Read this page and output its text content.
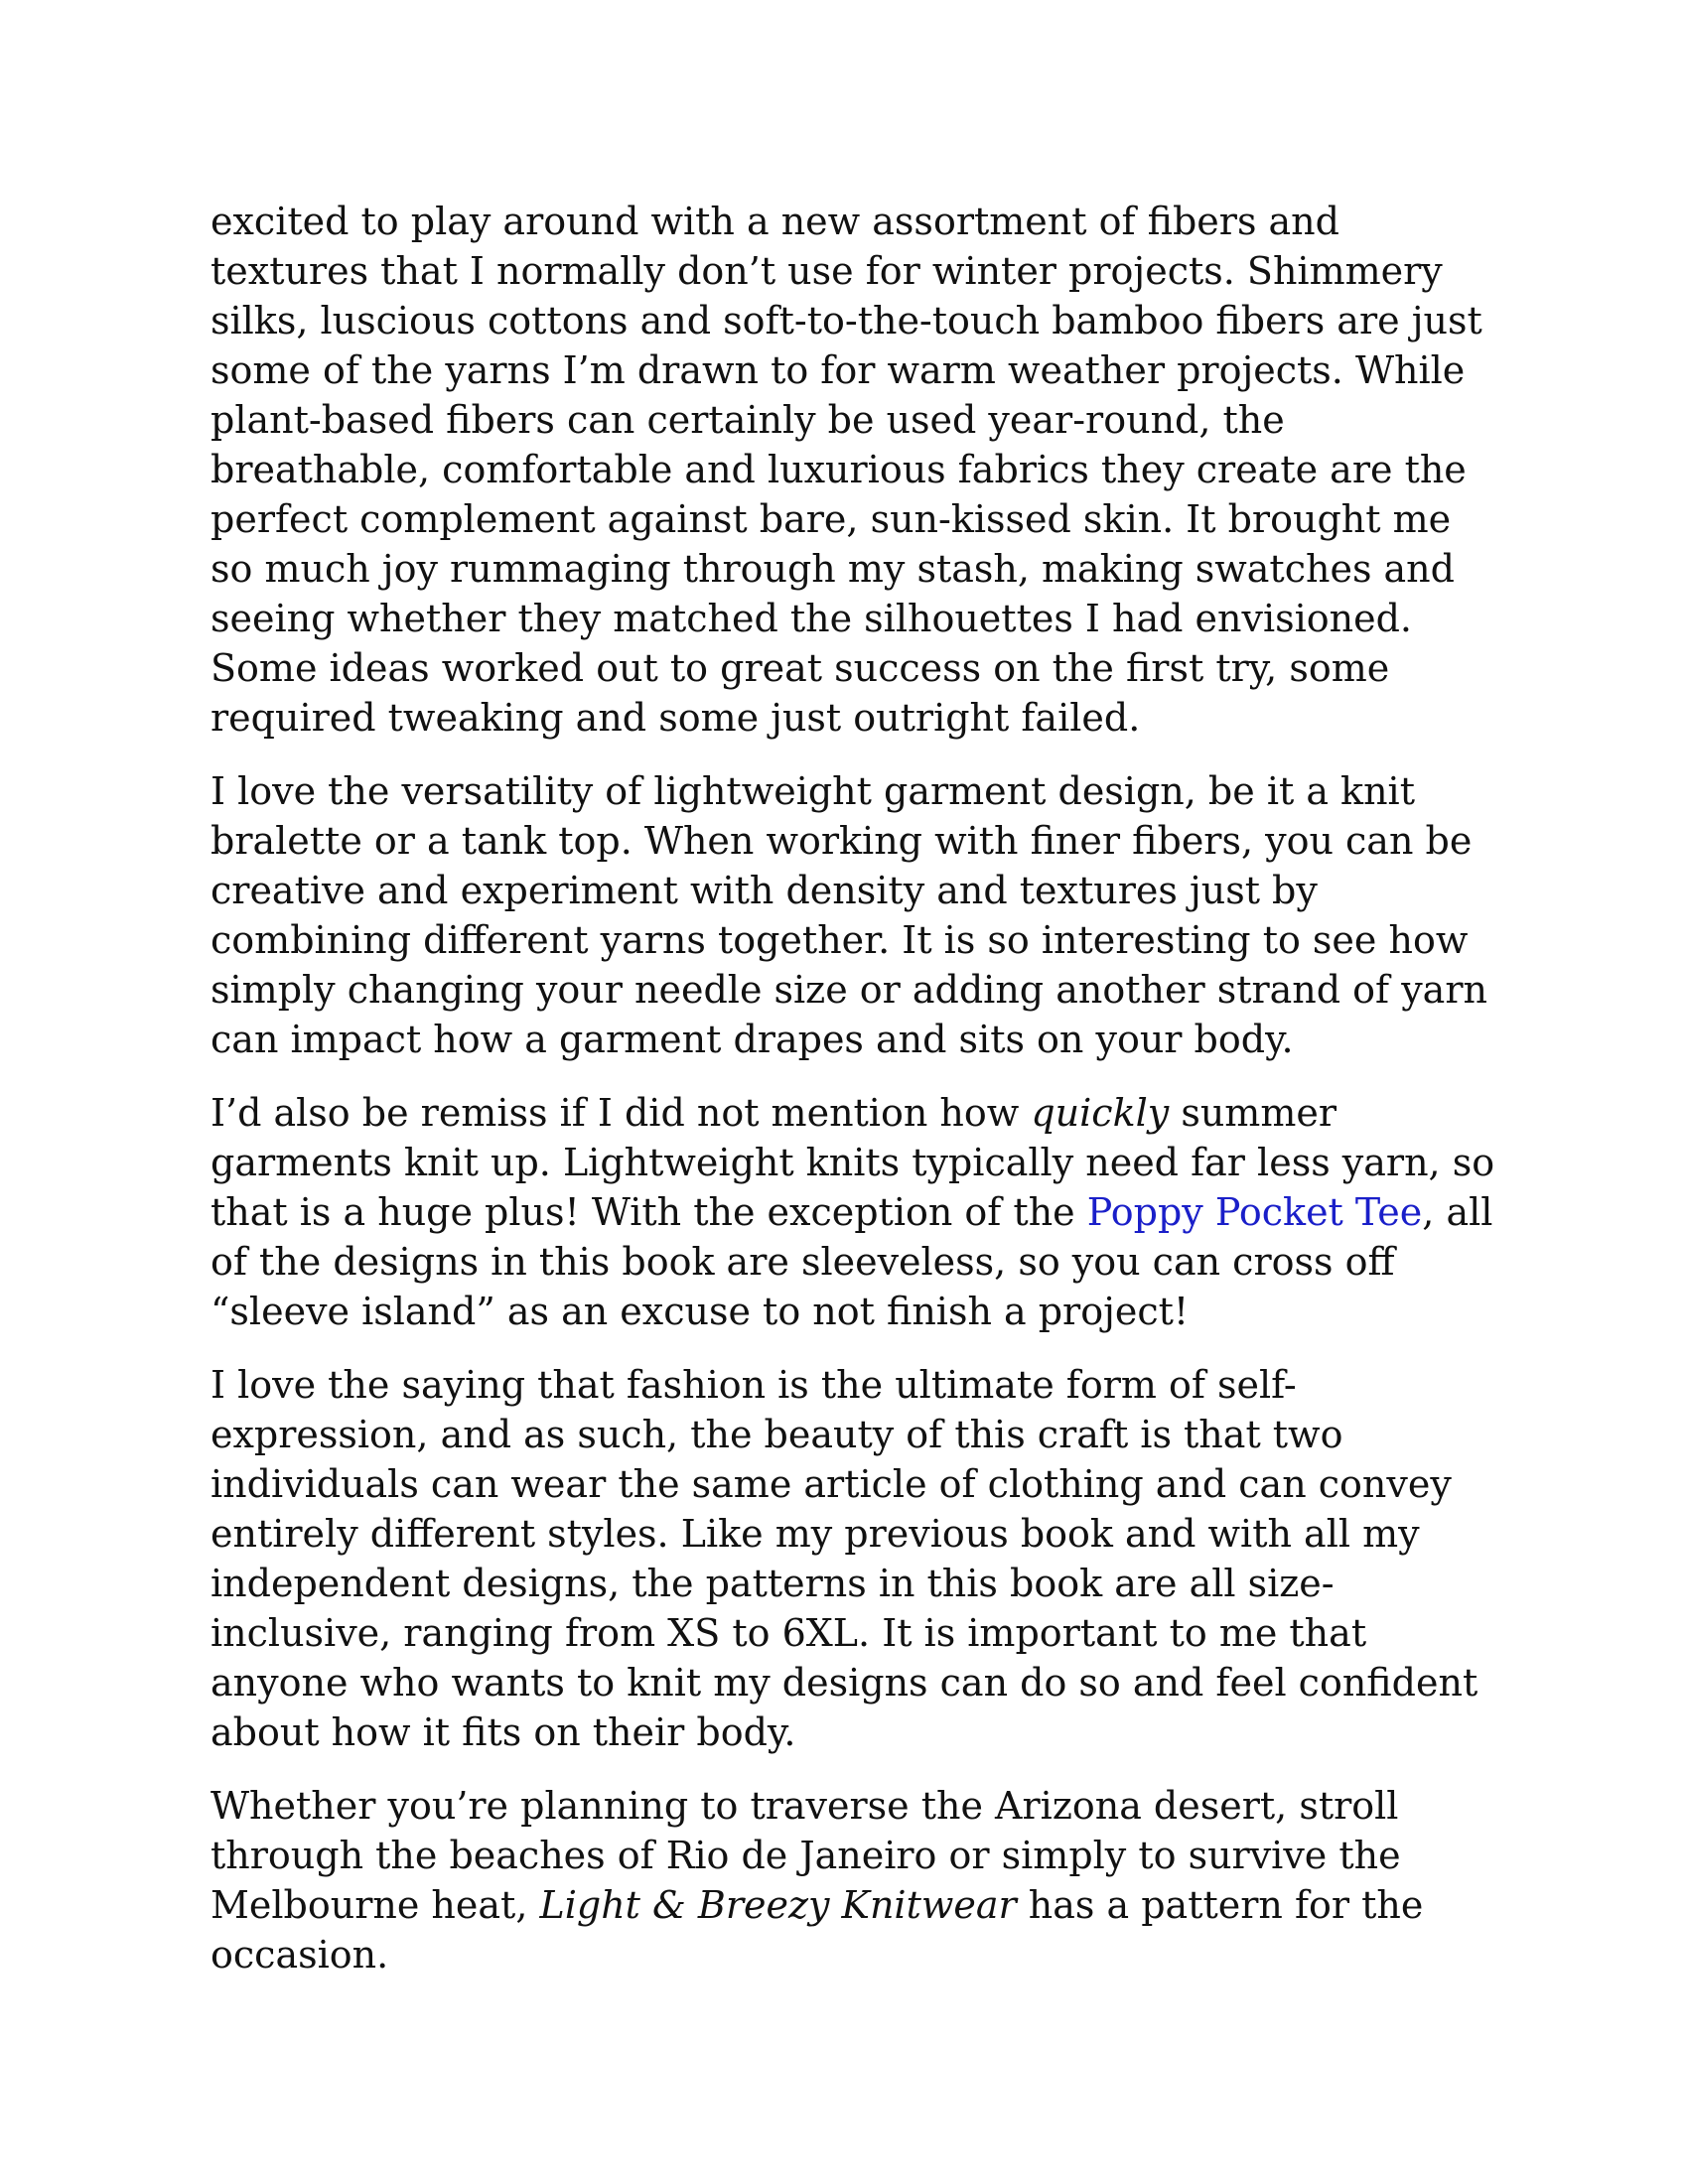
excited to play around with a new assortment of fibers and textures that I normally don’t use for winter projects. Shimmery silks, luscious cottons and soft-to-the-touch bamboo fibers are just some of the yarns I’m drawn to for warm weather projects. While plant-based fibers can certainly be used year-round, the breathable, comfortable and luxurious fabrics they create are the perfect complement against bare, sun-kissed skin. It brought me so much joy rummaging through my stash, making swatches and seeing whether they matched the silhouettes I had envisioned. Some ideas worked out to great success on the first try, some required tweaking and some just outright failed.

I love the versatility of lightweight garment design, be it a knit bralette or a tank top. When working with finer fibers, you can be creative and experiment with density and textures just by combining different yarns together. It is so interesting to see how simply changing your needle size or adding another strand of yarn can impact how a garment drapes and sits on your body.

I’d also be remiss if I did not mention how quickly summer garments knit up. Lightweight knits typically need far less yarn, so that is a huge plus! With the exception of the Poppy Pocket Tee, all of the designs in this book are sleeveless, so you can cross off “sleeve island” as an excuse to not finish a project!

I love the saying that fashion is the ultimate form of self-expression, and as such, the beauty of this craft is that two individuals can wear the same article of clothing and can convey entirely different styles. Like my previous book and with all my independent designs, the patterns in this book are all size-inclusive, ranging from XS to 6XL. It is important to me that anyone who wants to knit my designs can do so and feel confident about how it fits on their body.

Whether you’re planning to traverse the Arizona desert, stroll through the beaches of Rio de Janeiro or simply to survive the Melbourne heat, Light & Breezy Knitwear has a pattern for the occasion.
